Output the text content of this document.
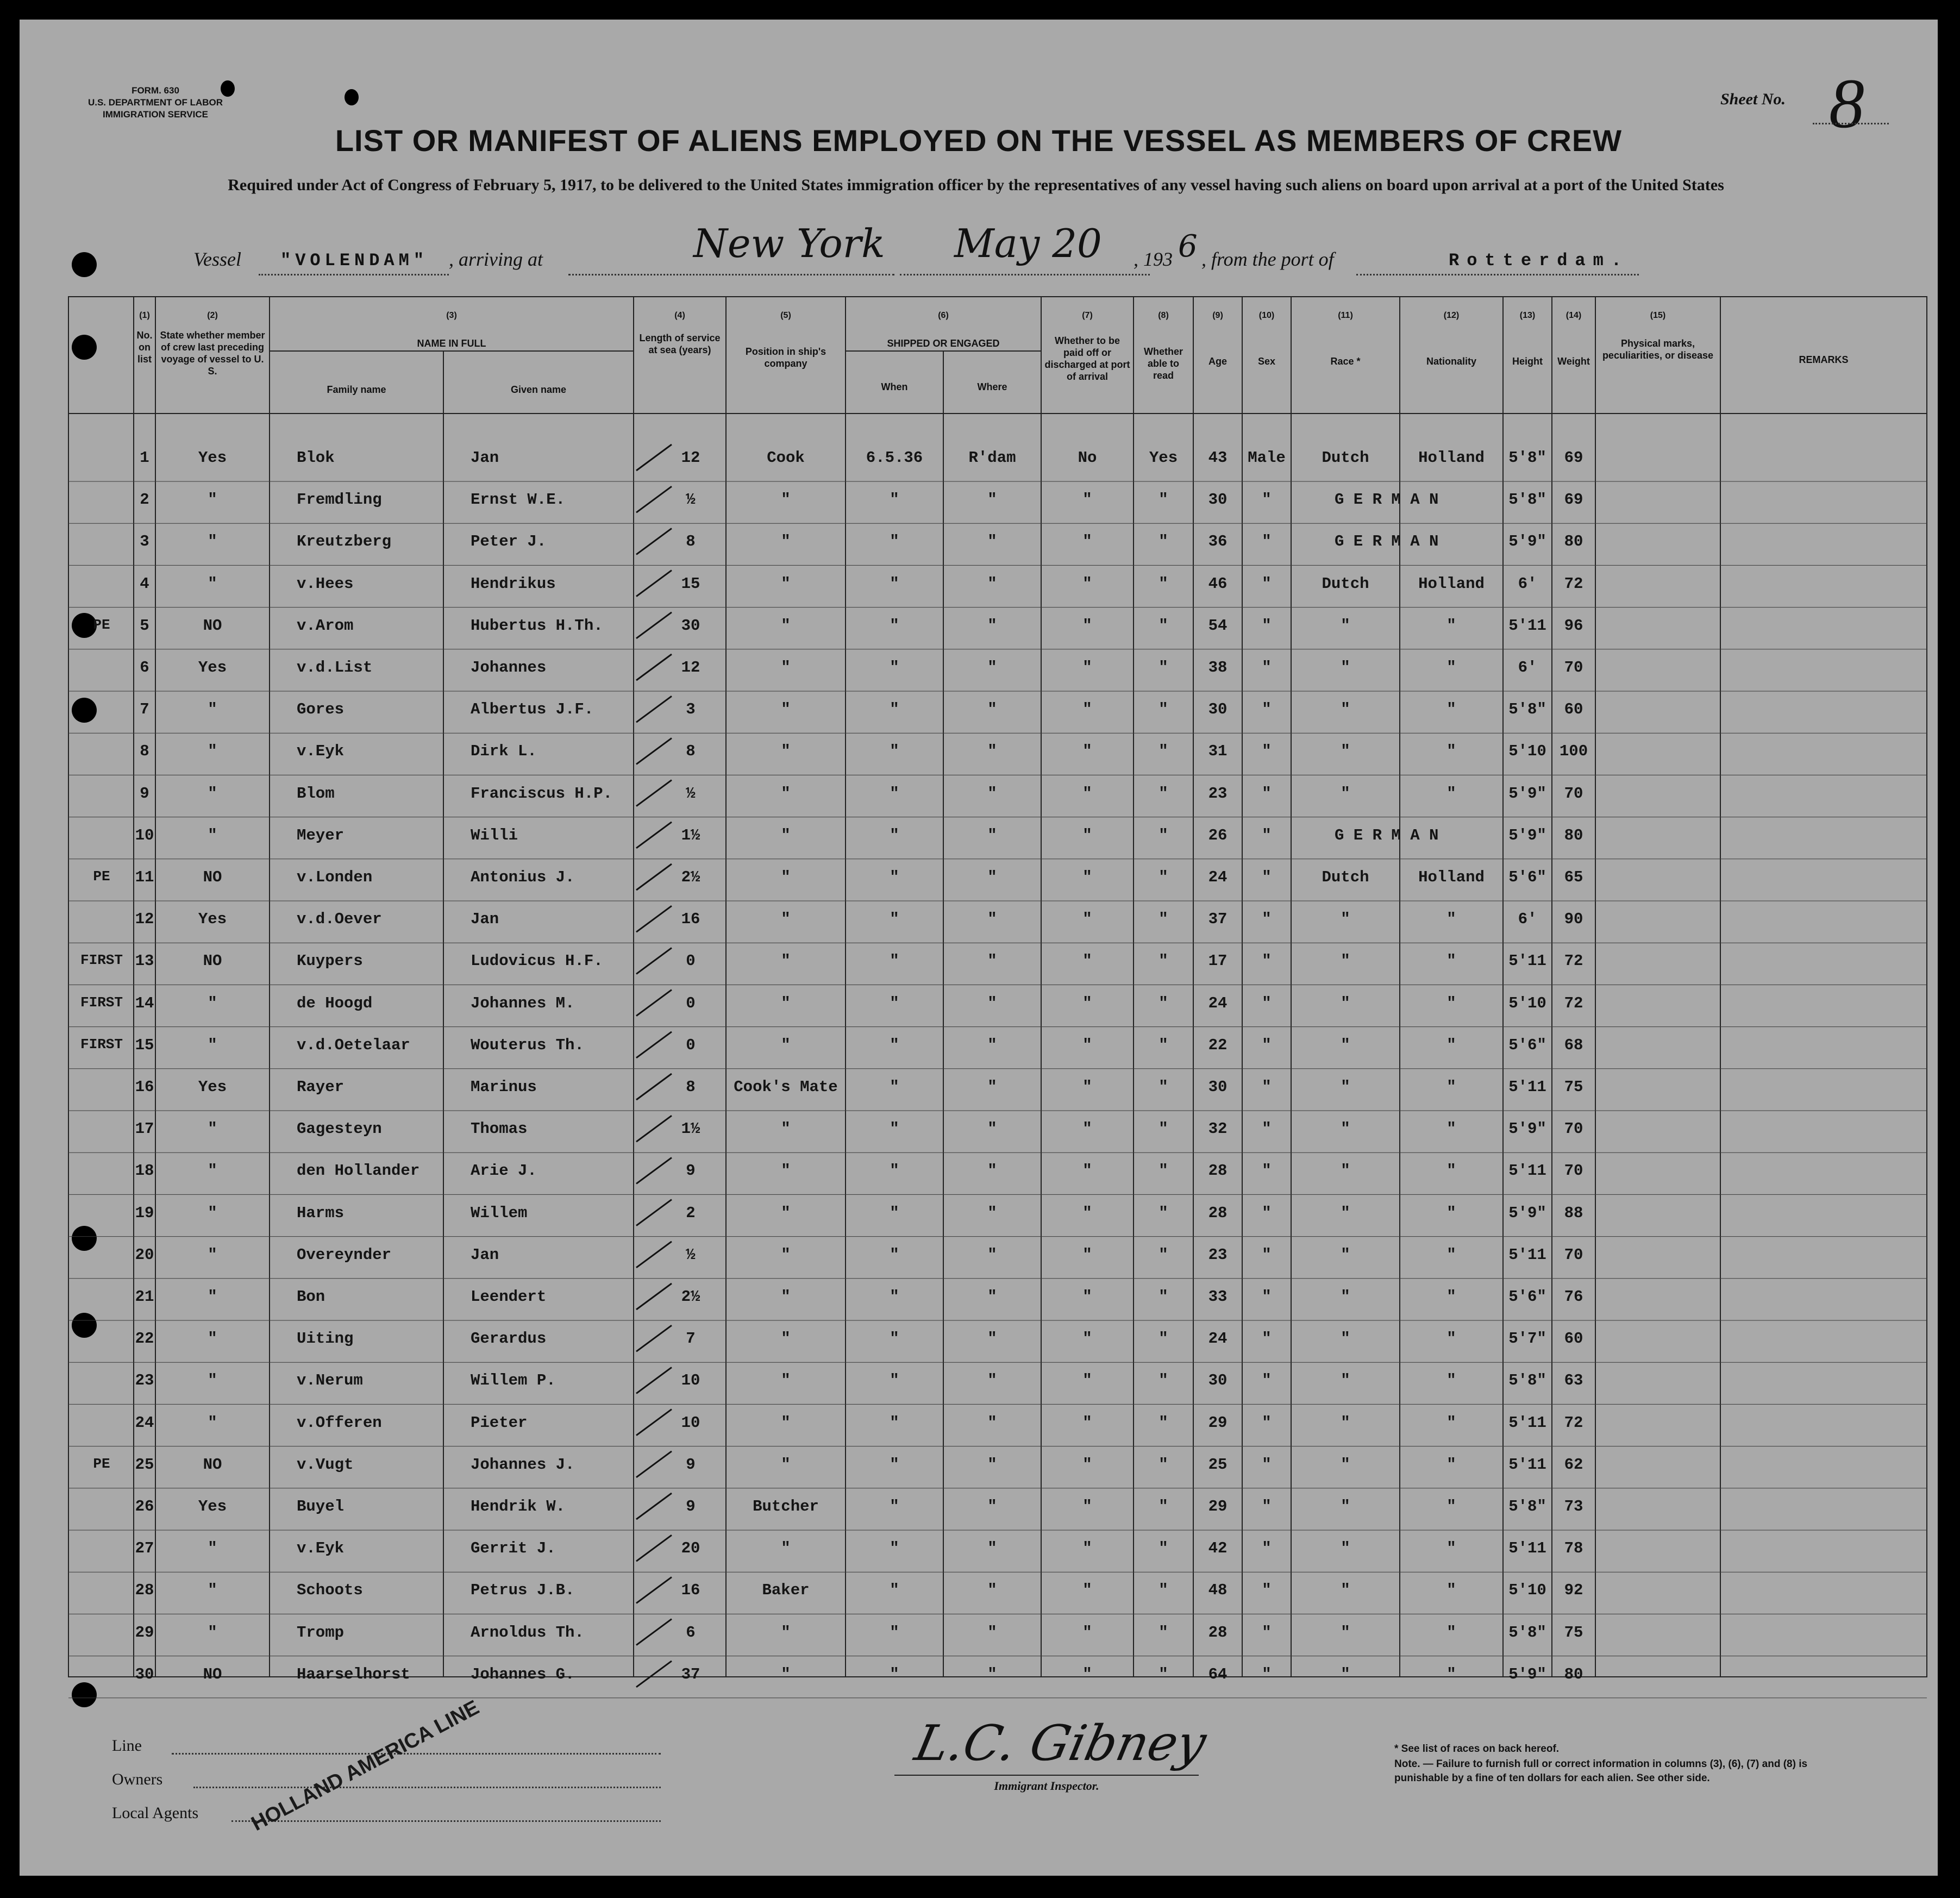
FORM. 630
U.S. DEPARTMENT OF LABOR
IMMIGRATION SERVICE
Sheet No. 8
LIST OR MANIFEST OF ALIENS EMPLOYED ON THE VESSEL AS MEMBERS OF CREW
Required under Act of Congress of February 5, 1917, to be delivered to the United States immigration officer by the representatives of any vessel having such aliens on board upon arrival at a port of the United States
Vessel "VOLENDAM" , arriving at	New York May 20 , 193 6 , from the port of	Rotterdam.
(1)	(2)	(3)	(4)	(5)	(6)	(7)	(8)	(9)	(10)	(11)	(12)	(13)	(14)	(15)
No. on list
State whether member of crew last preceding voyage of vessel to U. S.
NAME IN FULL
Family name	Given name
Length of service at sea (years)	Position in ship's company
SHIPPED OR ENGAGED
When	Where
Whether to be paid off or discharged at port of arrival
Whether able to read
Age	Sex	Race *	Nationality	Height	Weight
Physical marks, peculiarities, or disease	REMARKS
1	Yes	Blok	Jan	12	Cook	6.5.36	R'dam	No	Yes	43	Male	Dutch	Holland	5'8"	69
2	"	Fremdling	Ernst W.E.	½	"	"	"	"	"	30	"	G E R M A N	5'8"	69
3	"	Kreutzberg	Peter J.	8	"	"	"	"	"	36	"	G E R M A N	5'9"	80
4	"	v.Hees	Hendrikus	15	"	"	"	"	"	46	"	Dutch	Holland	6'	72
PE	5	NO	v.Arom	Hubertus H.Th.	30	"	"	"	"	"	54	"	"	"	5'11	96
6	Yes	v.d.List	Johannes	12	"	"	"	"	"	38	"	"	"	6'	70
7	"	Gores	Albertus J.F.	3	"	"	"	"	"	30	"	"	"	5'8"	60
8	"	v.Eyk	Dirk L.	8	"	"	"	"	"	31	"	"	"	5'10 100
9	"	Blom	Franciscus H.P.	½	"	"	"	"	"	23	"	"	"	5'9"	70
10	"	Meyer	Willi	1½	"	"	"	"	"	26	"	G E R M A N	5'9"	80
PE	11	NO	v.Londen	Antonius J.	2½	"	"	"	"	"	24	"	Dutch	Holland	5'6"	65
12	Yes	v.d.Oever	Jan	16	"	"	"	"	"	37	"	"	"	6'	90
FIRST 13	NO	Kuypers	Ludovicus H.F.	0	"	"	"	"	"	17	"	"	"	5'11	72
FIRST 14	"	de Hoogd	Johannes M.	0	"	"	"	"	"	24	"	"	"	5'10	72
FIRST 15	"	v.d.Oetelaar	Wouterus Th.	0	"	"	"	"	"	22	"	"	"	5'6"	68
16	Yes	Rayer	Marinus	8	Cook's Mate	"	"	"	"	30	"	"	"	5'11	75
17	"	Gagesteyn	Thomas	1½	"	"	"	"	"	32	"	"	"	5'9"	70
18	"	den Hollander	Arie J.	9	"	"	"	"	"	28	"	"	"	5'11	70
19	"	Harms	Willem	2	"	"	"	"	"	28	"	"	"	5'9"	88
20	"	Overeynder	Jan	½	"	"	"	"	"	23	"	"	"	5'11	70
21	"	Bon	Leendert	2½	"	"	"	"	"	33	"	"	"	5'6"	76
22	"	Uiting	Gerardus	7	"	"	"	"	"	24	"	"	"	5'7"	60
23	"	v.Nerum	Willem P.	10	"	"	"	"	"	30	"	"	"	5'8"	63
24	"	v.Offeren	Pieter	10	"	"	"	"	"	29	"	"	"	5'11	72
PE	25	NO	v.Vugt	Johannes J.	9	"	"	"	"	"	25	"	"	"	5'11	62
26	Yes	Buyel	Hendrik W.	9	Butcher	"	"	"	"	29	"	"	"	5'8"	73
27	"	v.Eyk	Gerrit J.	20	"	"	"	"	"	42	"	"	"	5'11	78
28	"	Schoots	Petrus J.B.	16	Baker	"	"	"	"	48	"	"	"	5'10	92
29	"	Tromp	Arnoldus Th.	6	"	"	"	"	"	28	"	"	"	5'8"	75
30	NO	Haarselhorst	Johannes G.	37	"	"	"	"	"	64	"	"	"	5'9"	80
Line
Owners
Local Agents HOLLAND AMERICA LINE	L.C. Gibney
Immigrant Inspector.
* See list of races on back hereof.
Note. — Failure to furnish full or correct information in columns (3), (6), (7) and (8) is punishable by a fine of ten dollars for each alien. See other side.
